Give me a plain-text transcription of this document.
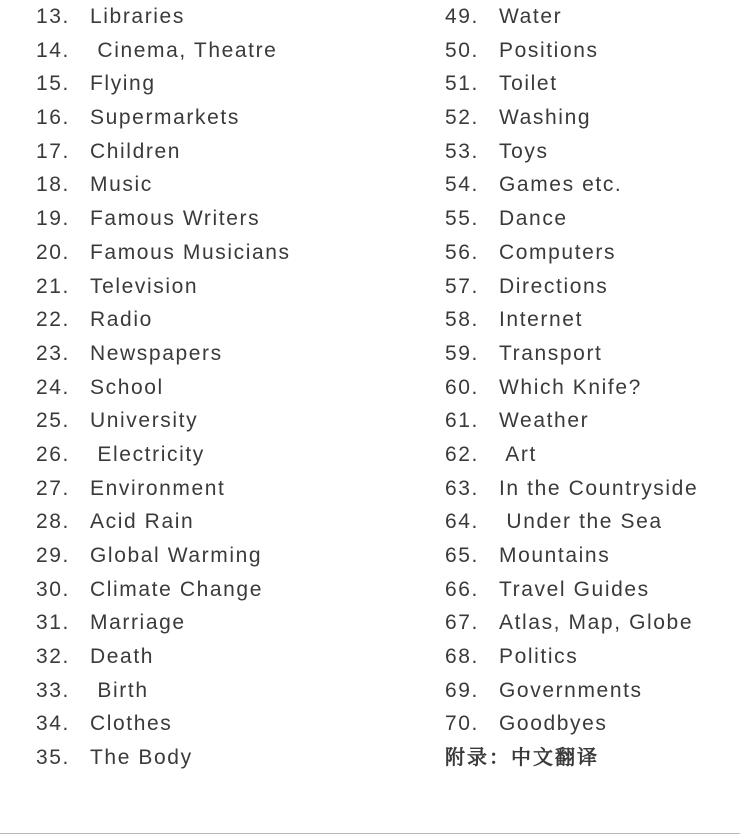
13. Libraries
14. Cinema, Theatre
15. Flying
16. Supermarkets
17. Children
18. Music
19. Famous Writers
20. Famous Musicians
21. Television
22. Radio
23. Newspapers
24. School
25. University
26. Electricity
27. Environment
28. Acid Rain
29. Global Warming
30. Climate Change
31. Marriage
32. Death
33. Birth
34. Clothes
35. The Body
49. Water
50. Positions
51. Toilet
52. Washing
53. Toys
54. Games etc.
55. Dance
56. Computers
57. Directions
58. Internet
59. Transport
60. Which Knife?
61. Weather
62. Art
63. In the Countryside
64. Under the Sea
65. Mountains
66. Travel Guides
67. Atlas, Map, Globe
68. Politics
69. Governments
70. Goodbyes
附录：中文翻译
